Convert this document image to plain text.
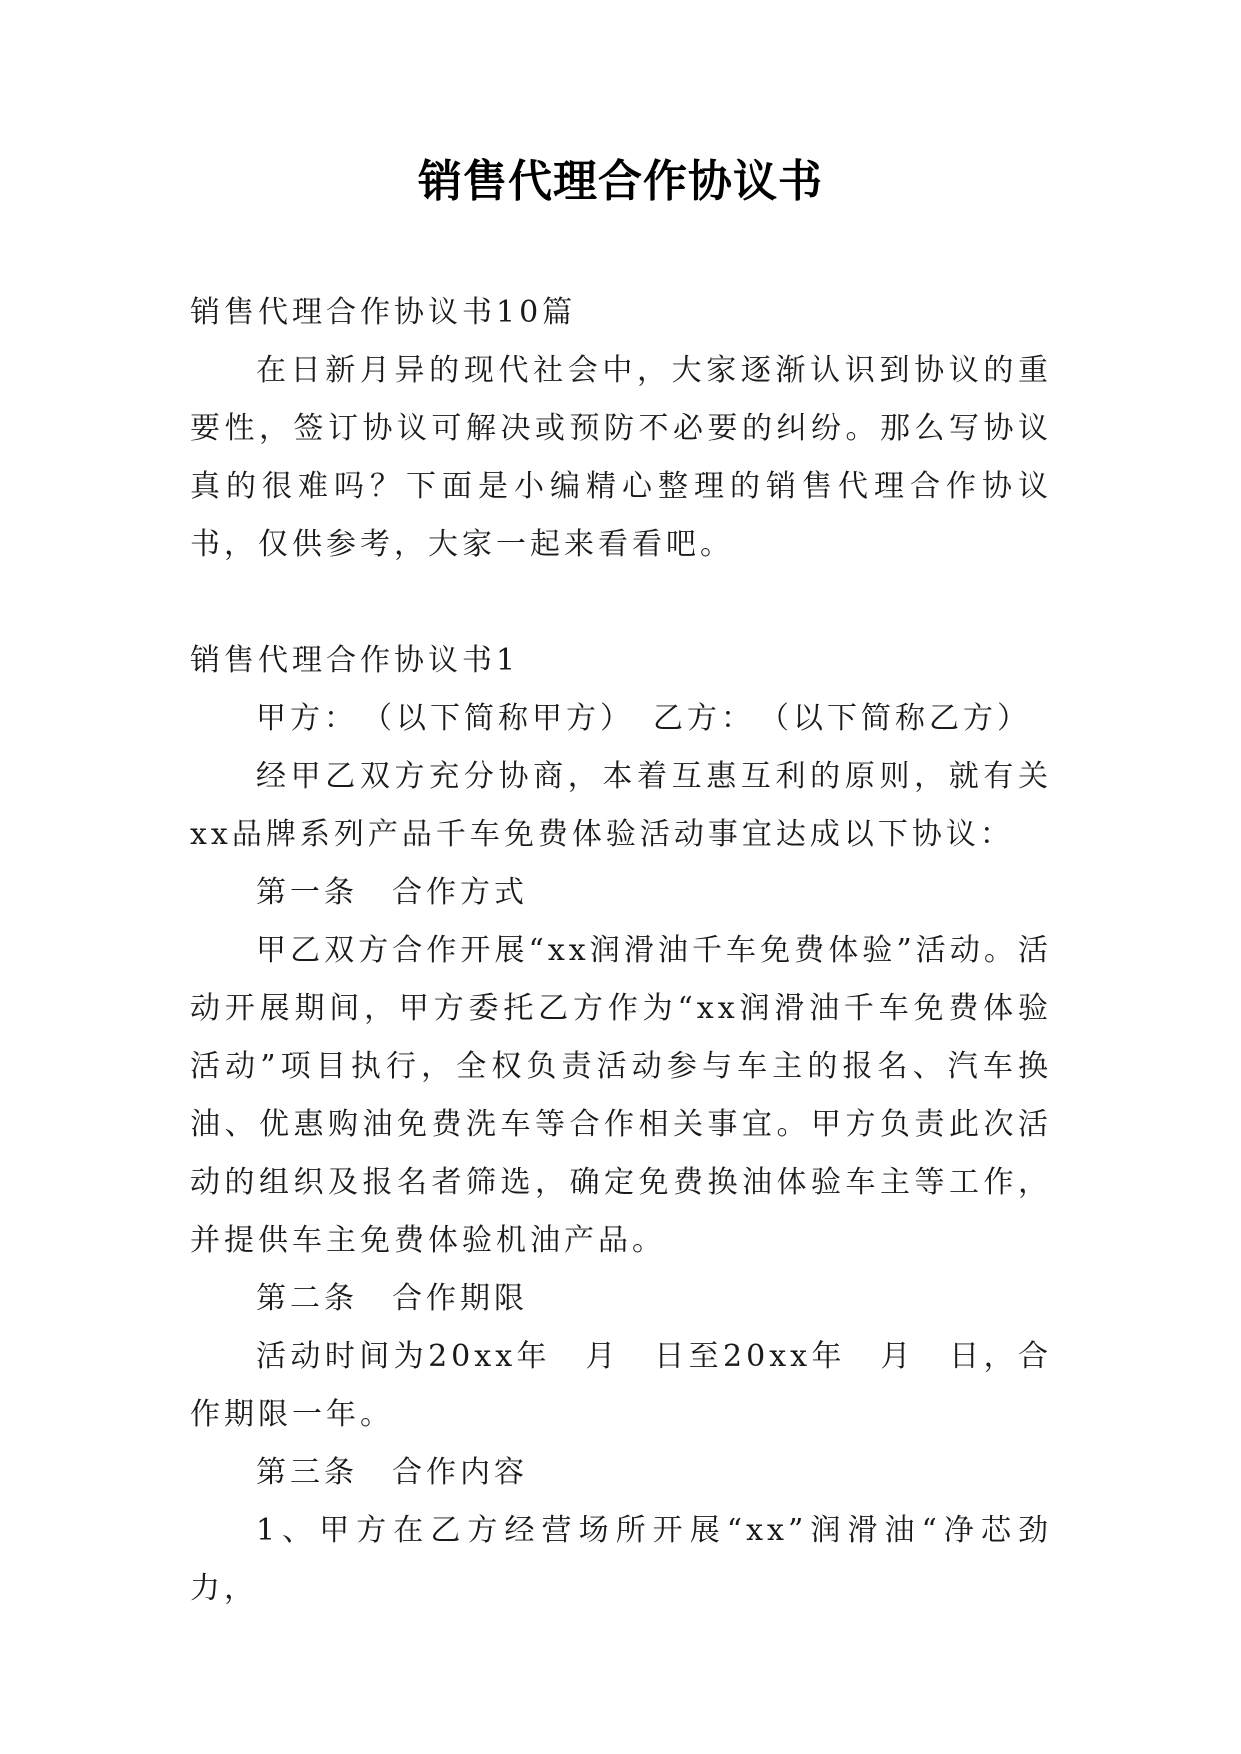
销售代理合作协议书

销售代理合作协议书10篇

在日新月异的现代社会中，大家逐渐认识到协议的重要性，签订协议可解决或预防不必要的纠纷。那么写协议真的很难吗？下面是小编精心整理的销售代理合作协议书，仅供参考，大家一起来看看吧。

销售代理合作协议书1

甲方：　（以下简称甲方）　乙方：　（以下简称乙方）

经甲乙双方充分协商，本着互惠互利的原则，就有关xx品牌系列产品千车免费体验活动事宜达成以下协议：

第一条　合作方式

甲乙双方合作开展“xx润滑油千车免费体验”活动。活动开展期间，甲方委托乙方作为“xx润滑油千车免费体验活动”项目执行，全权负责活动参与车主的报名、汽车换油、优惠购油免费洗车等合作相关事宜。甲方负责此次活动的组织及报名者筛选，确定免费换油体验车主等工作，并提供车主免费体验机油产品。

第二条　合作期限

活动时间为20xx年　月　日至20xx年　月　日，合作期限一年。

第三条　合作内容

1、甲方在乙方经营场所开展“xx”润滑油“净芯劲力，
